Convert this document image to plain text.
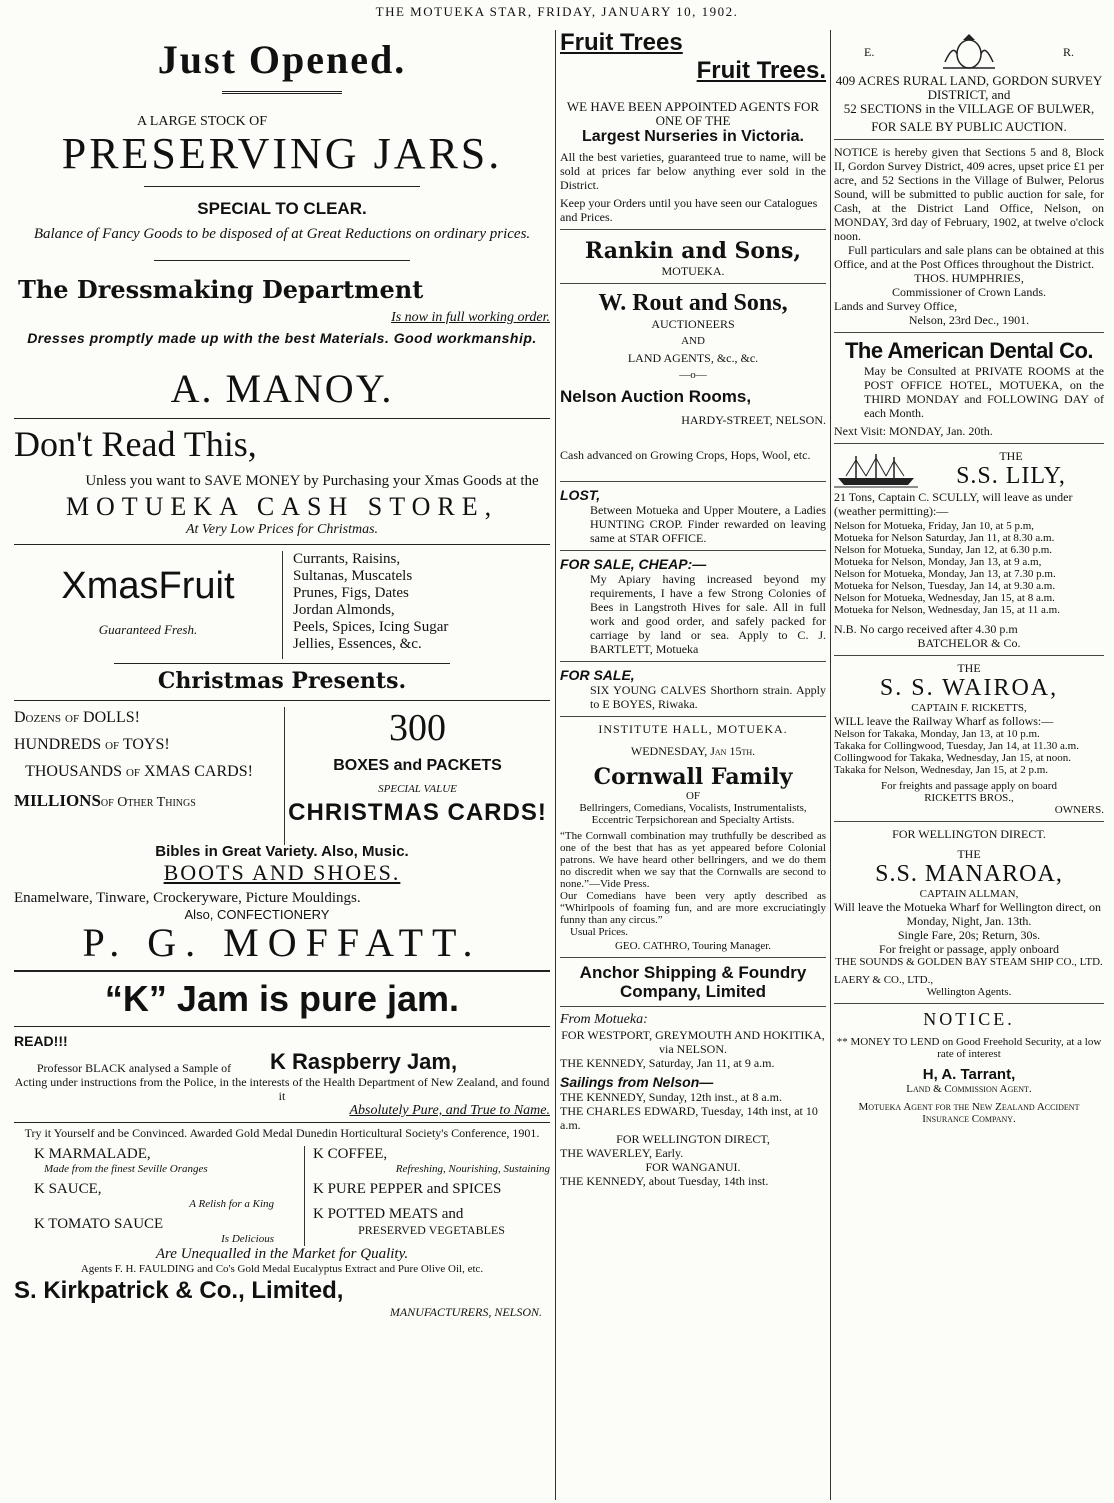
THE MOTUEKA STAR, FRIDAY, JANUARY 10, 1902.
Just Opened.
A LARGE STOCK OF
PRESERVING JARS.
SPECIAL TO CLEAR.
Balance of Fancy Goods to be disposed of at Great Reductions on ordinary prices.
The Dressmaking Department
Is now in full working order.
Dresses promptly made up with the best Materials. Good workmanship.
A. MANOY.
Don't Read This,
Unless you want to SAVE MONEY by Purchasing your Xmas Goods at the
MOTUEKA CASH STORE,
At Very Low Prices for Christmas.
XmasFruit
Guaranteed Fresh.
Currants, Raisins,
Sultanas, Muscatels
Prunes, Figs, Dates
Jordan Almonds,
Peels, Spices, Icing Sugar
Jellies, Essences, &c.
Christmas Presents.
Dozens of DOLLS!
HUNDREDS of TOYS!
THOUSANDS of XMAS CARDS!
MILLIONSof Other Things
300
BOXES and PACKETS
SPECIAL VALUE
CHRISTMAS CARDS!
Bibles in Great Variety. Also, Music.
BOOTS AND SHOES.
Enamelware, Tinware, Crockeryware, Picture Mouldings.
Also, CONFECTIONERY
P. G. MOFFATT.
“K” Jam is pure jam.
READ!!!
Professor BLACK analysed a Sample of	K Raspberry Jam,
Acting under instructions from the Police, in the interests of the Health Department of New Zealand, and found it
Absolutely Pure, and True to Name.
Try it Yourself and be Convinced. Awarded Gold Medal Dunedin Horticultural Society's Conference, 1901.
K MARMALADE,
Made from the finest Seville Oranges
K SAUCE,
A Relish for a King
K TOMATO SAUCE
Is Delicious
K COFFEE,
Refreshing, Nourishing, Sustaining
K PURE PEPPER and SPICES
K POTTED MEATS and
PRESERVED VEGETABLES
Are Unequalled in the Market for Quality.
Agents F. H. FAULDING and Co's Gold Medal Eucalyptus Extract and Pure Olive Oil, etc.
S. Kirkpatrick & Co., Limited,
MANUFACTURERS, NELSON.
Fruit Trees
Fruit Trees.
WE HAVE BEEN APPOINTED AGENTS FOR ONE OF THE
Largest Nurseries in Victoria.
All the best varieties, guaranteed true to name, will be sold at prices far below anything ever sold in the District.
Keep your Orders until you have seen our Catalogues and Prices.
Rankin and Sons,
MOTUEKA.
W. Rout and Sons,
AUCTIONEERS
AND
LAND AGENTS, &c., &c.
—o—
Nelson Auction Rooms,
HARDY-STREET, NELSON.
Cash advanced on Growing Crops, Hops, Wool, etc.
LOST,
Between Motueka and Upper Moutere, a Ladies HUNTING CROP. Finder rewarded on leaving same at STAR OFFICE.
FOR SALE, CHEAP:—
My Apiary having increased beyond my requirements, I have a few Strong Colonies of Bees in Langstroth Hives for sale. All in full work and good order, and safely packed for carriage by land or sea. Apply to C. J. BARTLETT, Motueka
FOR SALE,
SIX YOUNG CALVES Shorthorn strain. Apply to E BOYES, Riwaka.
INSTITUTE HALL, MOTUEKA.
WEDNESDAY, Jan 15th.
Cornwall Family
OF
Bellringers, Comedians, Vocalists, Instrumentalists, Eccentric Terpsichorean and Specialty Artists.
“The Cornwall combination may truthfully be described as one of the best that has as yet appeared before Colonial patrons. We have heard other bellringers, and we do them no discredit when we say that the Cornwalls are second to none.”—Vide Press.
Our Comedians have been very aptly described as “Whirlpools of foaming fun, and are more excruciatingly funny than any circus.”
Usual Prices.
GEO. CATHRO, Touring Manager.
Anchor Shipping & Foundry Company, Limited
From Motueka:
FOR WESTPORT, GREYMOUTH AND HOKITIKA, via NELSON.
THE KENNEDY, Saturday, Jan 11, at 9 a.m.
Sailings from Nelson—
THE KENNEDY, Sunday, 12th inst., at 8 a.m.
THE CHARLES EDWARD, Tuesday, 14th inst, at 10 a.m.
FOR WELLINGTON DIRECT,
THE WAVERLEY, Early.
FOR WANGANUI.
THE KENNEDY, about Tuesday, 14th inst.
E.	R.
409 ACRES RURAL LAND, GORDON SURVEY DISTRICT, and
52 SECTIONS in the VILLAGE OF BULWER,
FOR SALE BY PUBLIC AUCTION.
NOTICE is hereby given that Sections 5 and 8, Block II, Gordon Survey District, 409 acres, upset price £1 per acre, and 52 Sections in the Village of Bulwer, Pelorus Sound, will be submitted to public auction for sale, for Cash, at the District Land Office, Nelson, on MONDAY, 3rd day of February, 1902, at twelve o'clock noon.
Full particulars and sale plans can be obtained at this Office, and at the Post Offices throughout the District.
THOS. HUMPHRIES,
Commissioner of Crown Lands.
Lands and Survey Office,
Nelson, 23rd Dec., 1901.
The American Dental Co.
May be Consulted at PRIVATE ROOMS at the POST OFFICE HOTEL, MOTUEKA, on the THIRD MONDAY and FOLLOWING DAY of each Month.
Next Visit: MONDAY, Jan. 20th.
THE
S.S. LILY,
21 Tons, Captain C. SCULLY, will leave as under (weather permitting):—
Nelson for Motueka, Friday, Jan 10, at 5 p.m,
Motueka for Nelson Saturday, Jan 11, at 8.30 a.m.
Nelson for Motueka, Sunday, Jan 12, at 6.30 p.m.
Motueka for Nelson, Monday, Jan 13, at 9 a.m,
Nelson for Motueka, Monday, Jan 13, at 7.30 p.m.
Motueka for Nelson, Tuesday, Jan 14, at 9.30 a.m.
Nelson for Motueka, Wednesday, Jan 15, at 8 a.m.
Motueka for Nelson, Wednesday, Jan 15, at 11 a.m.
N.B. No cargo received after 4.30 p.m
BATCHELOR & Co.
THE
S. S. WAIROA,
CAPTAIN F. RICKETTS,
WILL leave the Railway Wharf as follows:—
Nelson for Takaka, Monday, Jan 13, at 10 p.m.
Takaka for Collingwood, Tuesday, Jan 14, at 11.30 a.m.
Collingwood for Takaka, Wednesday, Jan 15, at noon.
Takaka for Nelson, Wednesday, Jan 15, at 2 p.m.
For freights and passage apply on board
RICKETTS BROS.,
OWNERS.
FOR WELLINGTON DIRECT.
THE
S.S. MANAROA,
CAPTAIN ALLMAN,
Will leave the Motueka Wharf for Wellington direct, on
Monday, Night, Jan. 13th.
Single Fare, 20s; Return, 30s.
For freight or passage, apply onboard
THE SOUNDS & GOLDEN BAY STEAM SHIP CO., LTD.
LAERY & CO., LTD.,
Wellington Agents.
NOTICE.
** MONEY TO LEND on Good Freehold Security, at a low rate of interest
H, A. Tarrant,
Land & Commission Agent.
Motueka Agent for the New Zealand Accident Insurance Company.
